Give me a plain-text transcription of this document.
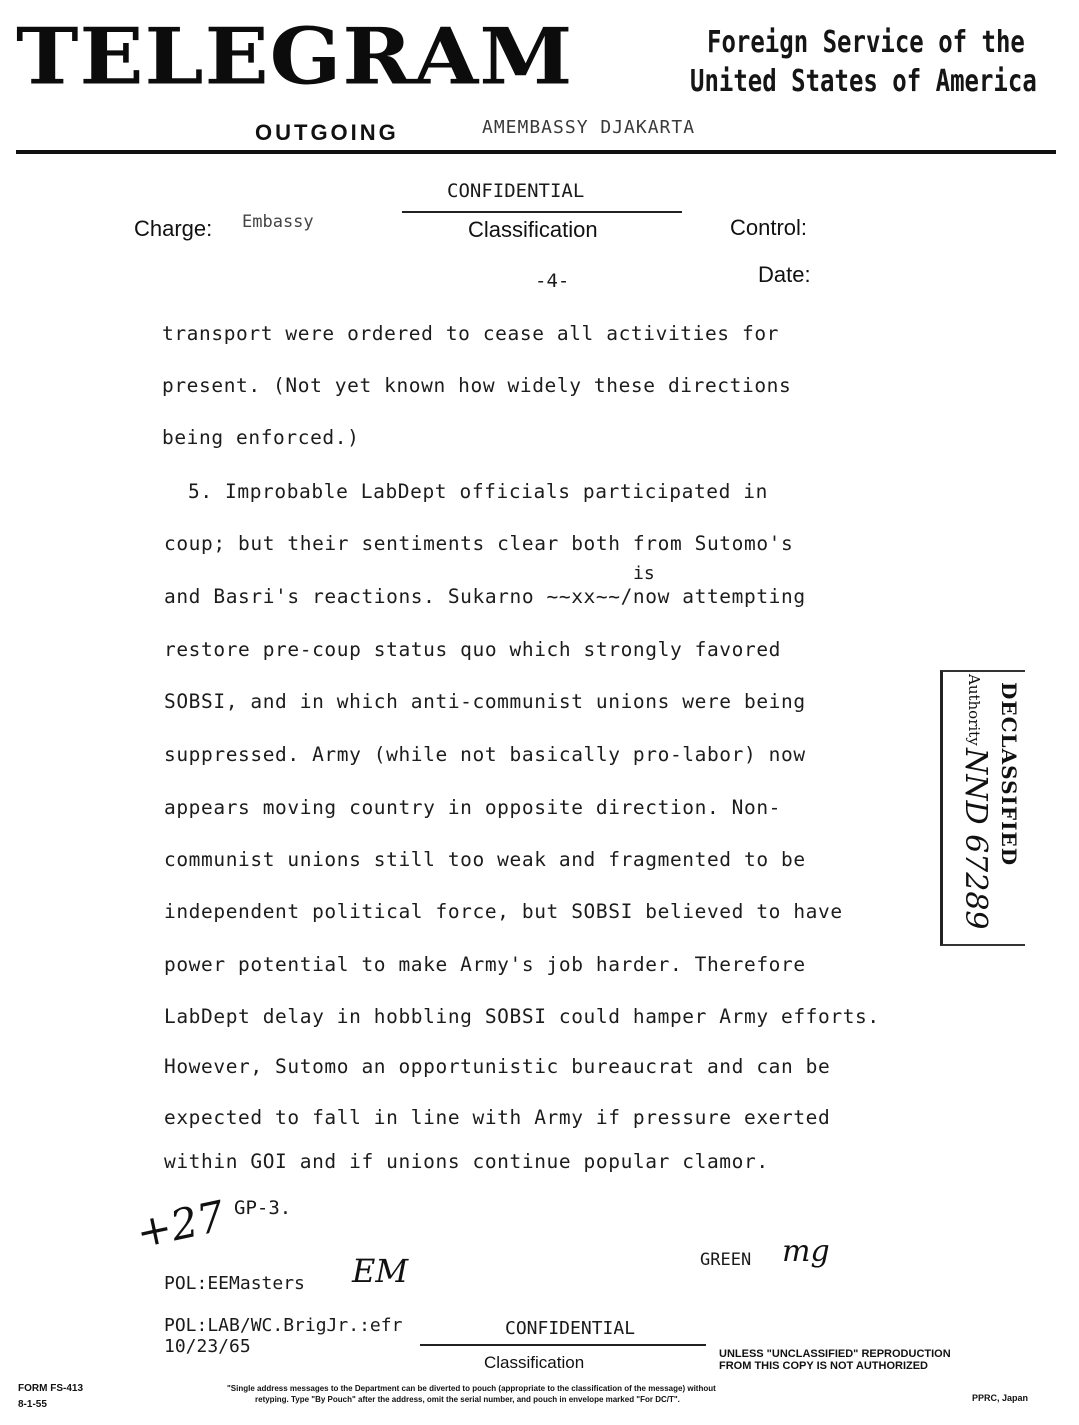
TELEGRAM	Foreign Service of the
United States of America
OUTGOING	AMEMBASSY DJAKARTA
CONFIDENTIAL
Charge: Embassy	Classification	Control:
-4-	Date:
transport were ordered to cease all activities for
present. (Not yet known how widely these directions
being enforced.)
5. Improbable LabDept officials participated in
coup; but their sentiments clear both from Sutomo's
is
and Basri's reactions. Sukarno ~~xx~~/now attempting
restore pre-coup status quo which strongly favored
SOBSI, and in which anti-communist unions were being
suppressed. Army (while not basically pro-labor) now
appears moving country in opposite direction. Non-
communist unions still too weak and fragmented to be
independent political force, but SOBSI believed to have
power potential to make Army's job harder. Therefore
LabDept delay in hobbling SOBSI could hamper Army efforts.
However, Sutomo an opportunistic bureaucrat and can be
expected to fall in line with Army if pressure exerted
within GOI and if unions continue popular clamor.
DECLASSIFIED
Authority
NND 67289
GP-3.
+27
GREEN mg
POL:EEMasters EM
POL:LAB/WC.BrigJr.:efr
10/23/65
CONFIDENTIAL
Classification	UNLESS "UNCLASSIFIED" REPRODUCTION
FROM THIS COPY IS NOT AUTHORIZED
FORM FS-413
8-1-55
"Single address messages to the Department can be diverted to pouch (appropriate to the classification of the message) without
retyping. Type "By Pouch" after the address, omit the serial number, and pouch in envelope marked "For DC/T".	PPRC, Japan
